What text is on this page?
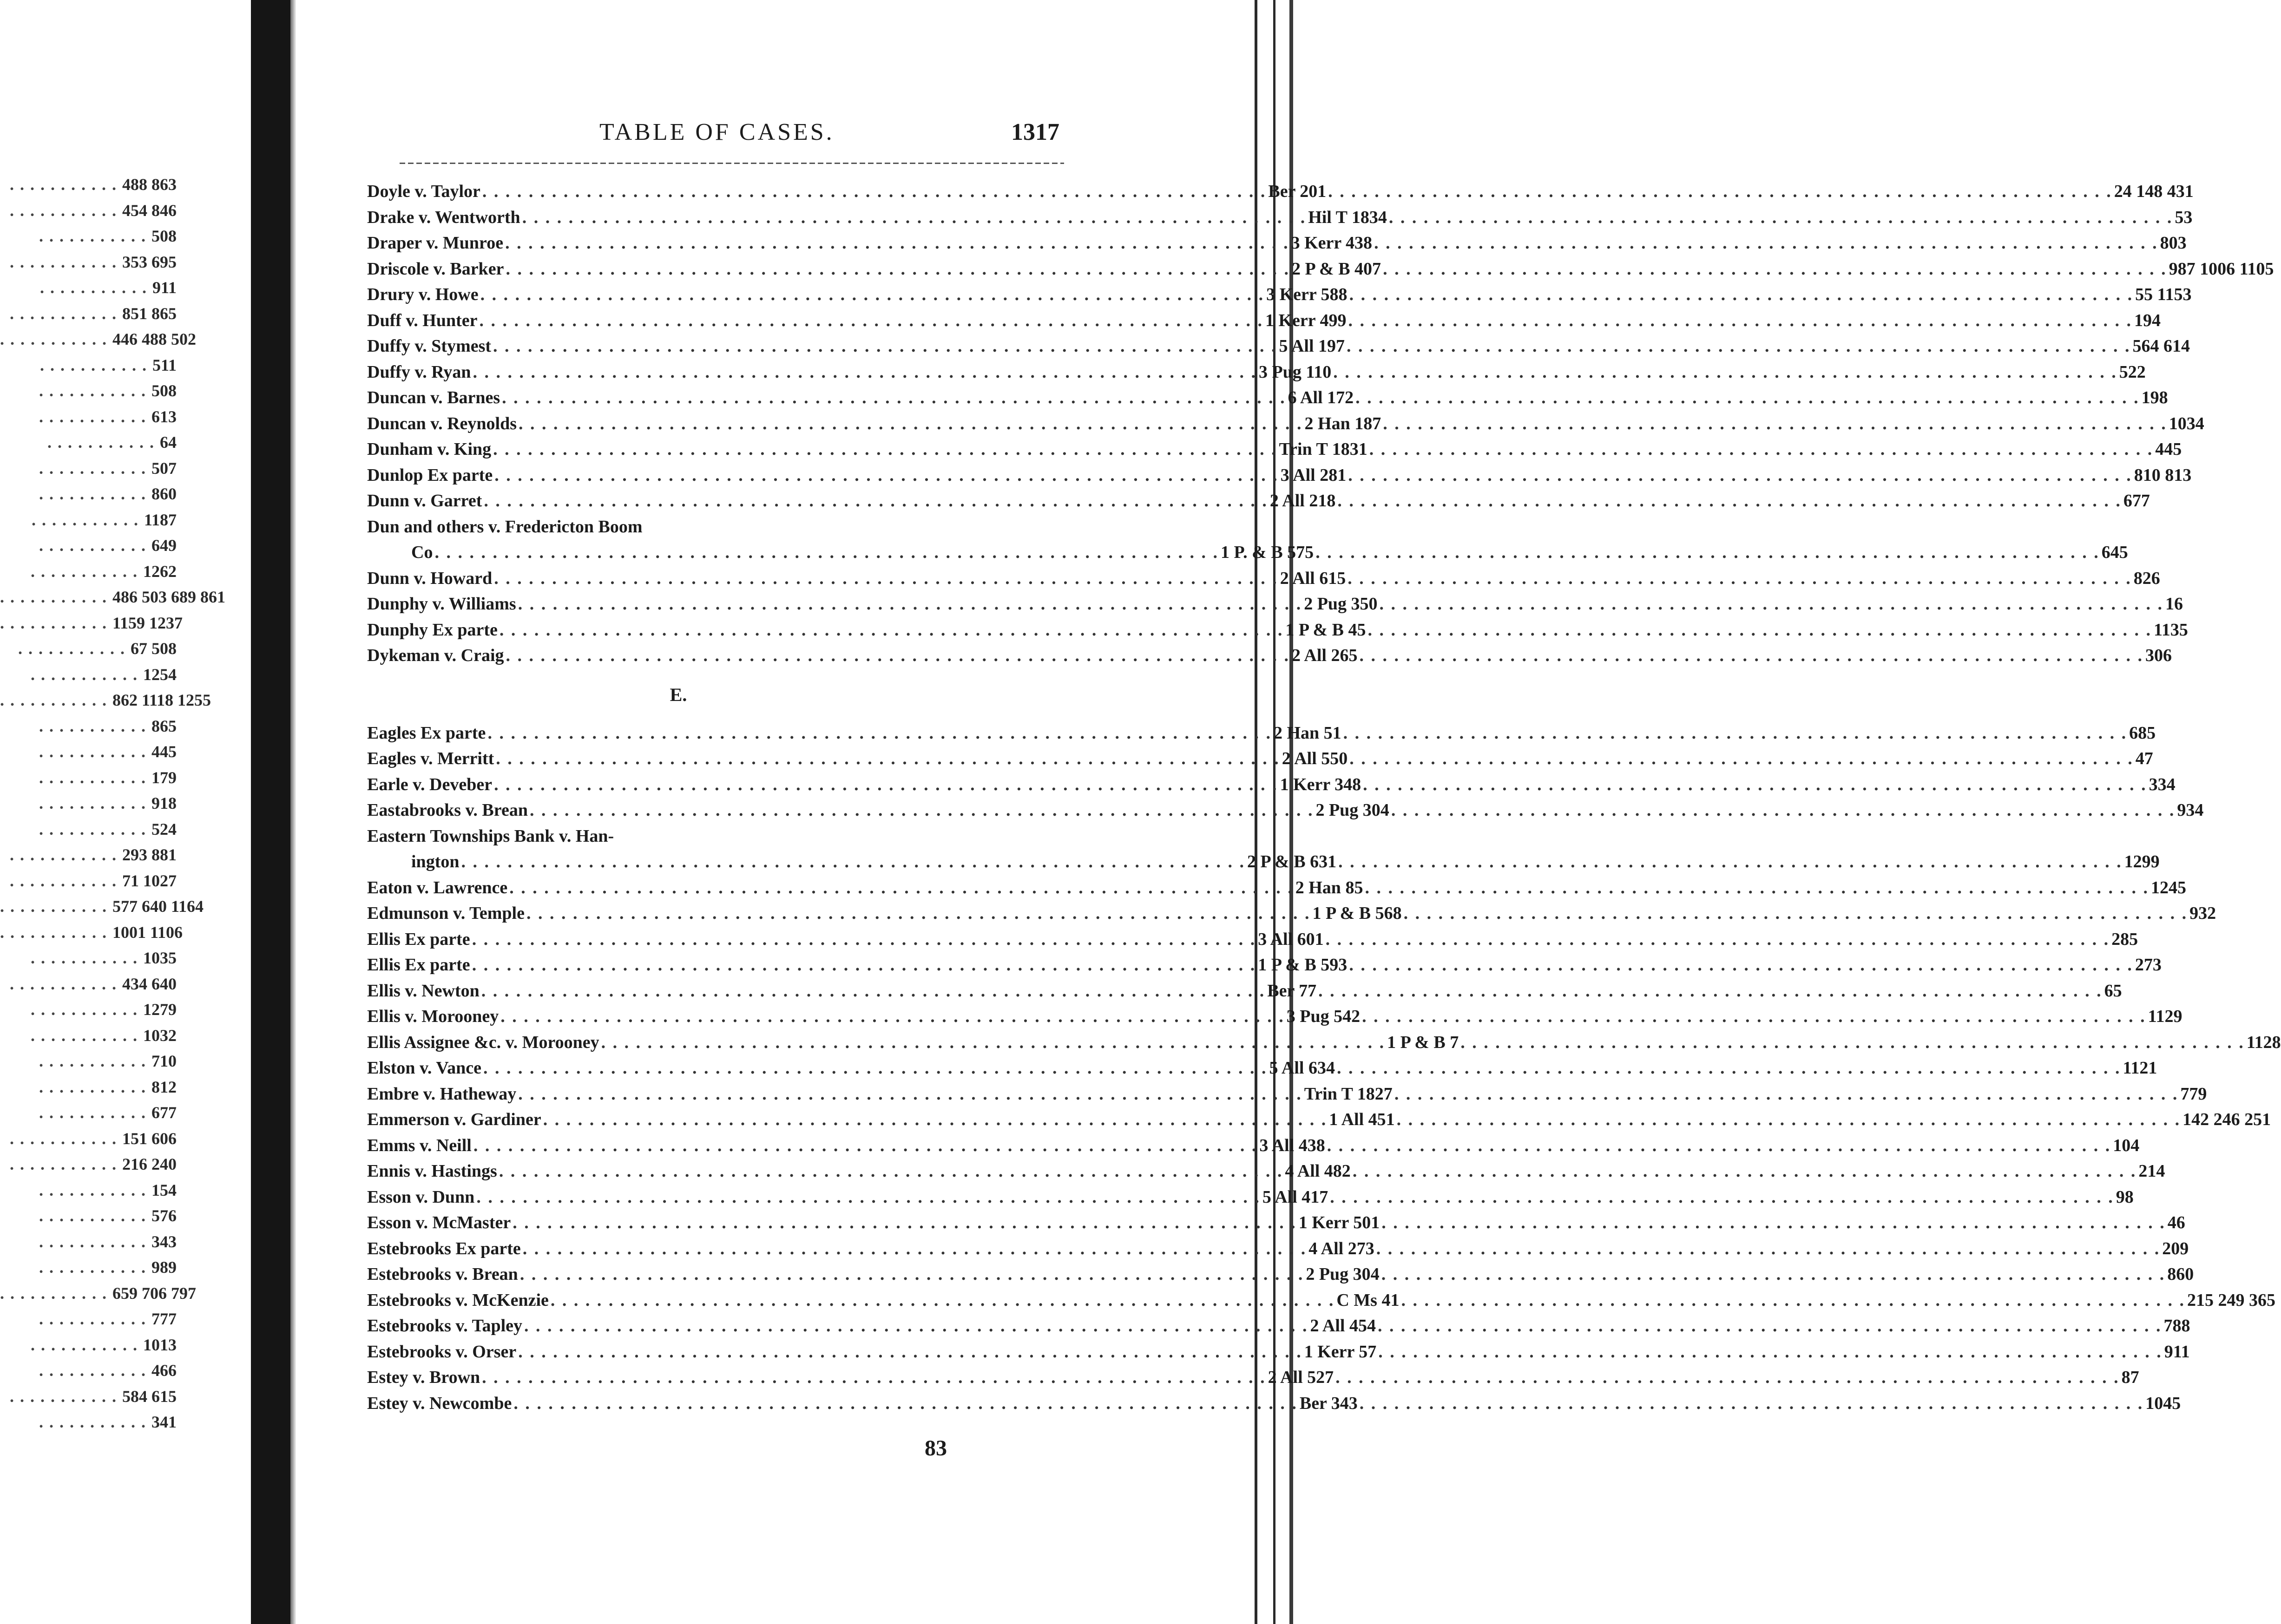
. . . . . . . . . . . 488 863
. . . . . . . . . . . 454 846
. . . . . . . . . . . 508
. . . . . . . . . . . 353 695
. . . . . . . . . . . 911
. . . . . . . . . . . 851 865
. . . . . . . . . . . 446 488 502
. . . . . . . . . . . 511
. . . . . . . . . . . 508
. . . . . . . . . . . 613
. . . . . . . . . . . 64
. . . . . . . . . . . 507
. . . . . . . . . . . 860
. . . . . . . . . . . 1187
. . . . . . . . . . . 649
. . . . . . . . . . . 1262
. . . . . . . . . . . 486 503 689 861
. . . . . . . . . . . 1159 1237
. . . . . . . . . . . 67 508
. . . . . . . . . . . 1254
. . . . . . . . . . . 862 1118 1255
. . . . . . . . . . . 865
. . . . . . . . . . . 445
. . . . . . . . . . . 179
. . . . . . . . . . . 918
. . . . . . . . . . . 524
. . . . . . . . . . . 293 881
. . . . . . . . . . . 71 1027
. . . . . . . . . . . 577 640 1164
. . . . . . . . . . . 1001 1106
. . . . . . . . . . . 1035
. . . . . . . . . . . 434 640
. . . . . . . . . . . 1279
. . . . . . . . . . . 1032
. . . . . . . . . . . 710
. . . . . . . . . . . 812
. . . . . . . . . . . 677
. . . . . . . . . . . 151 606
. . . . . . . . . . . 216 240
. . . . . . . . . . . 154
. . . . . . . . . . . 576
. . . . . . . . . . . 343
. . . . . . . . . . . 989
. . . . . . . . . . . 659 706 797
. . . . . . . . . . . 777
. . . . . . . . . . . 1013
. . . . . . . . . . . 466
. . . . . . . . . . . 584 615
. . . . . . . . . . . 341
TABLE OF CASES.	1317
Doyle v. Taylor . . .	Ber 201 . . .	24 148 431
Drake v. Wentworth . . .	Hil T 1834 . . .	53
Draper v. Munroe . . .	3 Kerr 438 . . .	803
Driscole v. Barker . . .	2 P & B 407 . . .	987 1006 1105
Drury v. Howe . . .	3 Kerr 588 . . .	55 1153
Duff v. Hunter . . .	1 Kerr 499 . . .	194
Duffy v. Stymest . . .	5 All 197 . . .	564 614
Duffy v. Ryan . . .	3 Pug 110 . . .	522
Duncan v. Barnes . . .	6 All 172 . . .	198
Duncan v. Reynolds . . .	2 Han 187 . . .	1034
Dunham v. King . . .	Trin T 1831 . . .	445
Dunlop Ex parte . . .	3 All 281 . . .	810 813
Dunn v. Garret . . .	2 All 218 . . .	677
Dun and others v. Fredericton Boom
Co . . .	1 P. & B 575 . . .	645
Dunn v. Howard . . .	2 All 615 . . .	826
Dunphy v. Williams . . .	2 Pug 350 . . .	16
Dunphy Ex parte . . .	1 P & B 45 . . .	1135
Dykeman v. Craig . . .	2 All 265 . . .	306
E.
Eagles Ex parte . . .	2 Han 51 . . .	685
Eagles v. Merritt . . .	2 All 550 . . .	47
Earle v. Deveber . . .	1 Kerr 348 . . .	334
Eastabrooks v. Brean . . .	2 Pug 304 . . .	934
Eastern Townships Bank v. Han-
ington . . .	2 P & B 631 . . .	1299
Eaton v. Lawrence . . .	2 Han 85 . . .	1245
Edmunson v. Temple . . .	1 P & B 568 . . .	932
Ellis Ex parte . . .	3 All 601 . . .	285
Ellis Ex parte . . .	1 P & B 593 . . .	273
Ellis v. Newton . . .	Ber 77 . . .	65
Ellis v. Morooney . . .	3 Pug 542 . . .	1129
Ellis Assignee &c. v. Morooney . . .	1 P & B 7 . . .	1128
Elston v. Vance . . .	5 All 634 . . .	1121
Embre v. Hatheway . . .	Trin T 1827 . . .	779
Emmerson v. Gardiner . . .	1 All 451 . . .	142 246 251
Emms v. Neill . . .	3 All 438 . . .	104
Ennis v. Hastings . . .	4 All 482 . . .	214
Esson v. Dunn . . .	5 All 417 . . .	98
Esson v. McMaster . . .	1 Kerr 501 . . .	46
Estebrooks Ex parte . . .	4 All 273 . . .	209
Estebrooks v. Brean . . .	2 Pug 304 . . .	860
Estebrooks v. McKenzie . . .	C Ms 41 . . .	215 249 365
Estebrooks v. Tapley . . .	2 All 454 . . .	788
Estebrooks v. Orser . . .	1 Kerr 57 . . .	911
Estey v. Brown . . .	2 All 527 . . .	87
Estey v. Newcombe . . .	Ber 343 . . .	1045
83
